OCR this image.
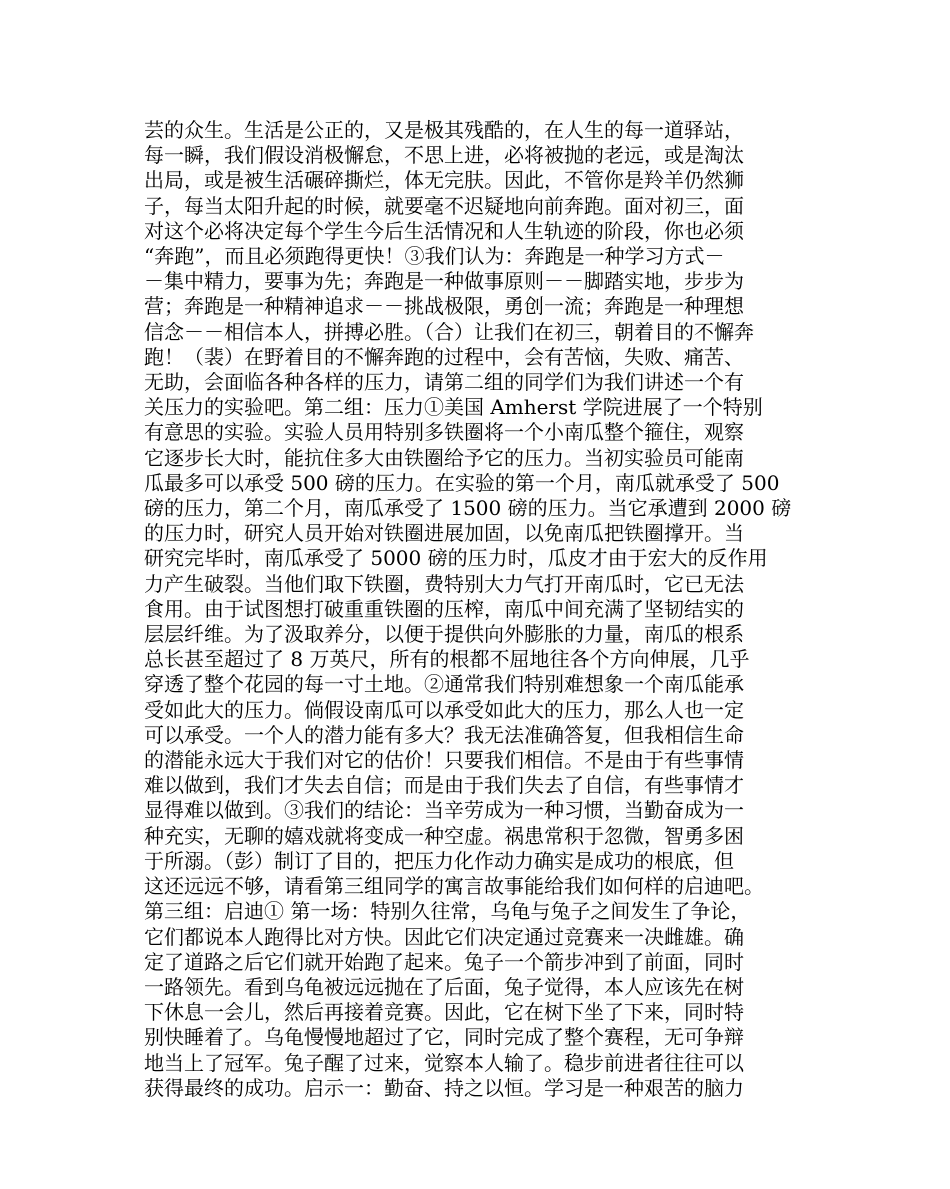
芸的众生。生活是公正的，又是极其残酷的，在人生的每一道驿站，
每一瞬，我们假设消极懈怠，不思上进，必将被抛的老远，或是淘汰
出局，或是被生活碾碎撕烂，体无完肤。因此，不管你是羚羊仍然狮
子，每当太阳升起的时候，就要毫不迟疑地向前奔跑。面对初三，面
对这个必将决定每个学生今后生活情况和人生轨迹的阶段，你也必须
“奔跑”，而且必须跑得更快！③我们认为：奔跑是一种学习方式－
－集中精力，要事为先；奔跑是一种做事原则－－脚踏实地，步步为
营；奔跑是一种精神追求－－挑战极限，勇创一流；奔跑是一种理想
信念－－相信本人，拼搏必胜。（合）让我们在初三，朝着目的不懈奔
跑！（裴）在野着目的不懈奔跑的过程中，会有苦恼，失败、痛苦、
无助，会面临各种各样的压力，请第二组的同学们为我们讲述一个有
关压力的实验吧。第二组：压力①美国 Amherst 学院进展了一个特别
有意思的实验。实验人员用特别多铁圈将一个小南瓜整个箍住，观察
它逐步长大时，能抗住多大由铁圈给予它的压力。当初实验员可能南
瓜最多可以承受 500 磅的压力。在实验的第一个月，南瓜就承受了 500
磅的压力，第二个月，南瓜承受了 1500 磅的压力。当它承遭到 2000 磅
的压力时，研究人员开始对铁圈进展加固，以免南瓜把铁圈撑开。当
研究完毕时，南瓜承受了 5000 磅的压力时，瓜皮才由于宏大的反作用
力产生破裂。当他们取下铁圈，费特别大力气打开南瓜时，它已无法
食用。由于试图想打破重重铁圈的压榨，南瓜中间充满了坚韧结实的
层层纤维。为了汲取养分，以便于提供向外膨胀的力量，南瓜的根系
总长甚至超过了 8 万英尺，所有的根都不屈地往各个方向伸展，几乎
穿透了整个花园的每一寸土地。②通常我们特别难想象一个南瓜能承
受如此大的压力。倘假设南瓜可以承受如此大的压力，那么人也一定
可以承受。一个人的潜力能有多大？我无法准确答复，但我相信生命
的潜能永远大于我们对它的估价！只要我们相信。不是由于有些事情
难以做到，我们才失去自信；而是由于我们失去了自信，有些事情才
显得难以做到。③我们的结论：当辛劳成为一种习惯，当勤奋成为一
种充实，无聊的嬉戏就将变成一种空虚。祸患常积于忽微，智勇多困
于所溺。（彭）制订了目的，把压力化作动力确实是成功的根底，但
这还远远不够，请看第三组同学的寓言故事能给我们如何样的启迪吧。
第三组：启迪① 第一场：特别久往常，乌龟与兔子之间发生了争论，
它们都说本人跑得比对方快。因此它们决定通过竞赛来一决雌雄。确
定了道路之后它们就开始跑了起来。兔子一个箭步冲到了前面，同时
一路领先。看到乌龟被远远抛在了后面，兔子觉得，本人应该先在树
下休息一会儿，然后再接着竞赛。因此，它在树下坐了下来，同时特
别快睡着了。乌龟慢慢地超过了它，同时完成了整个赛程，无可争辩
地当上了冠军。兔子醒了过来，觉察本人输了。稳步前进者往往可以
获得最终的成功。启示一：勤奋、持之以恒。学习是一种艰苦的脑力
